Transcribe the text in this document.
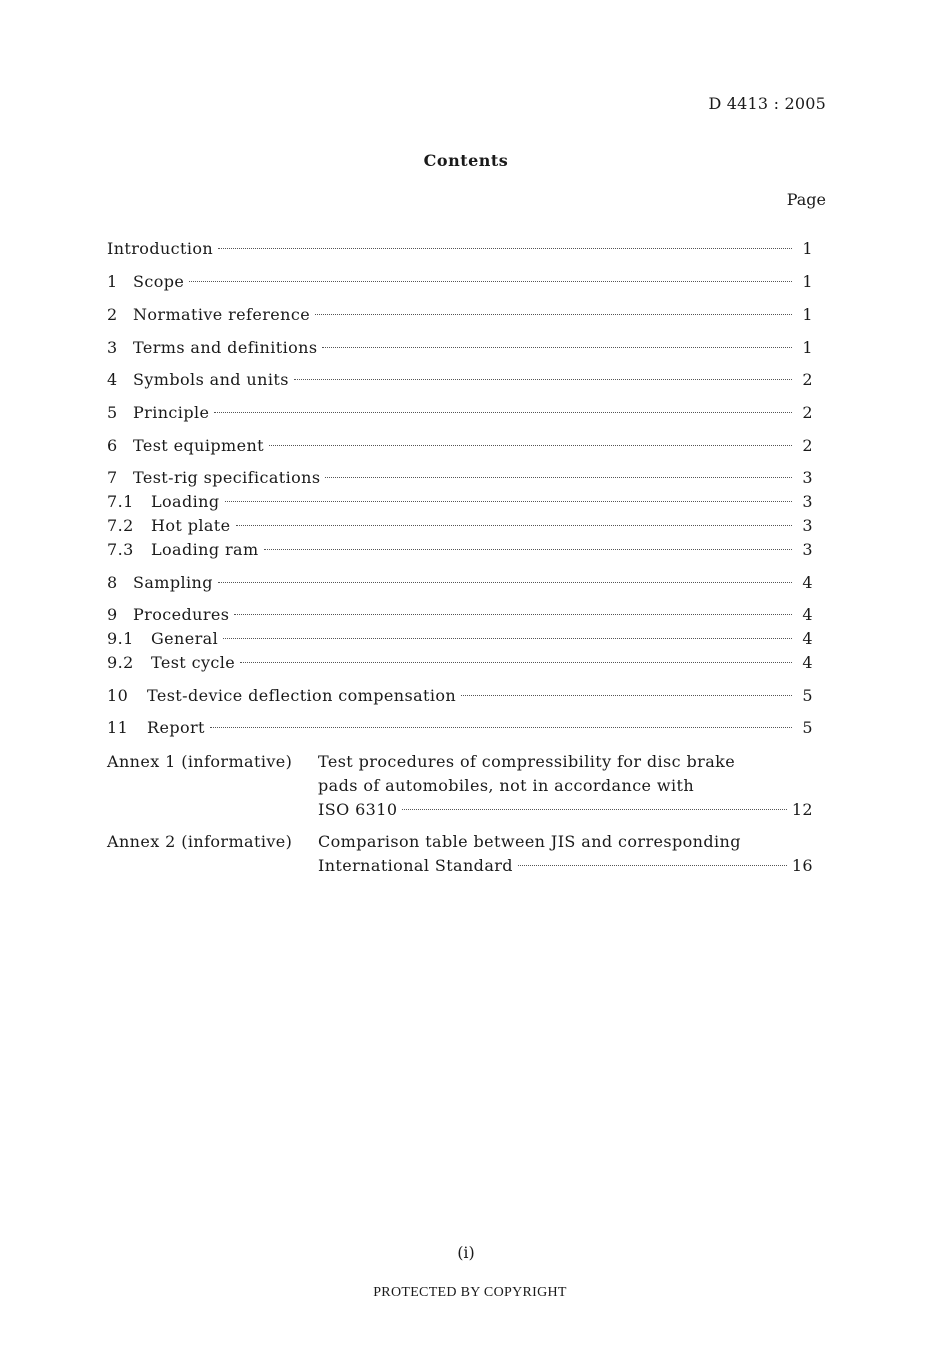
D 4413 : 2005
Contents
Page
Introduction	1
1 Scope	1
2 Normative reference	1
3 Terms and definitions	1
4 Symbols and units	2
5 Principle	2
6 Test equipment	2
7 Test-rig specifications	3
7.1	Loading	3
7.2	Hot plate	3
7.3	Loading ram	3
8 Sampling	4
9 Procedures	4
9.1	General	4
9.2	Test cycle	4
10	Test-device deflection compensation	5
11	Report	5
Annex 1 (informative) Test procedures of compressibility for disc brake
pads of automobiles, not in accordance with
ISO 6310	12
Annex 2 (informative) Comparison table between JIS and corresponding
International Standard	16
(i)
PROTECTED BY COPYRIGHT
